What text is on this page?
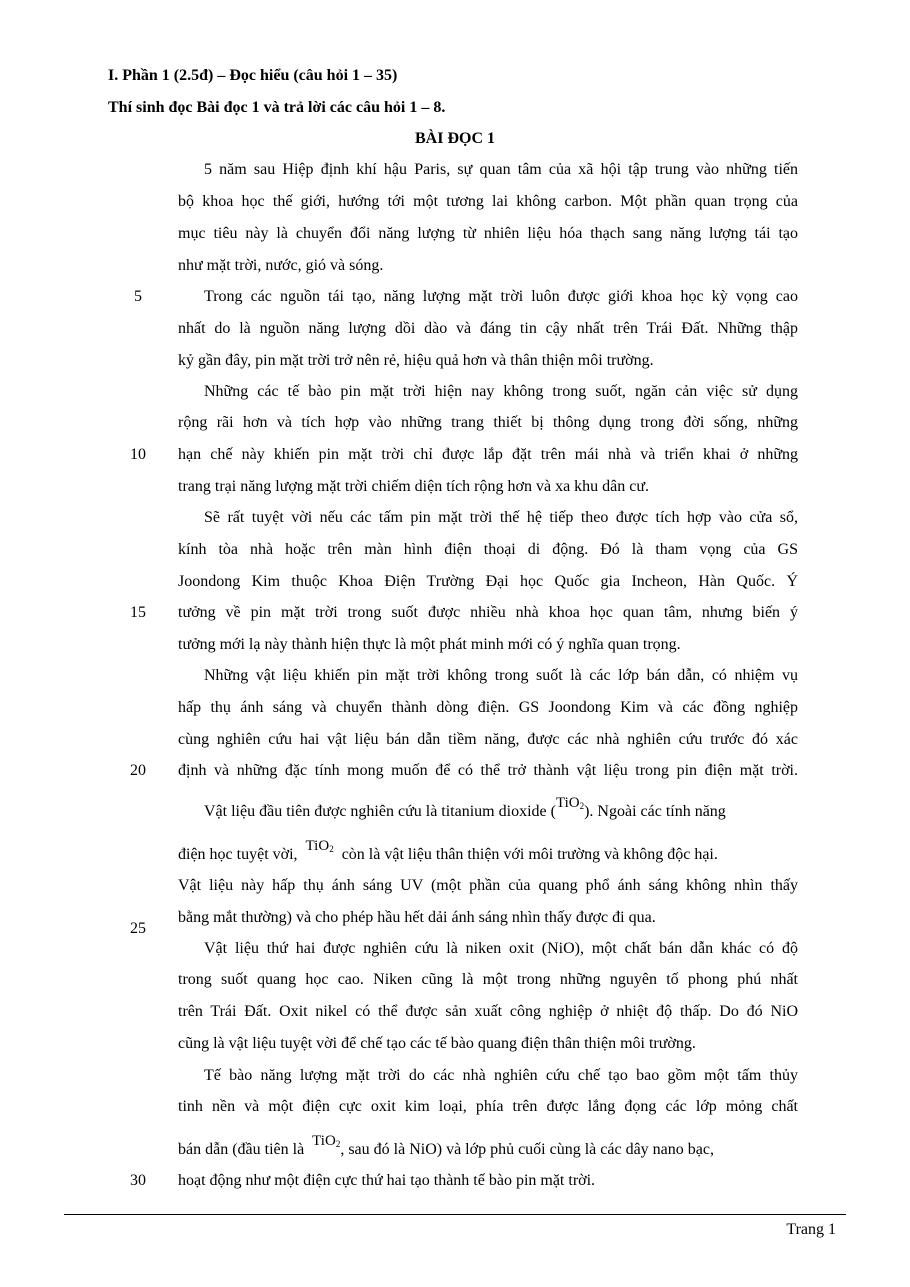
I. Phần 1 (2.5đ) – Đọc hiểu (câu hỏi 1 – 35)
Thí sinh đọc Bài đọc 1 và trả lời các câu hỏi 1 – 8.
BÀI ĐỌC 1
5 năm sau Hiệp định khí hậu Paris, sự quan tâm của xã hội tập trung vào những tiến
bộ khoa học thế giới, hướng tới một tương lai không carbon. Một phần quan trọng của
mục tiêu này là chuyển đổi năng lượng từ nhiên liệu hóa thạch sang năng lượng tái tạo
như mặt trời, nước, gió và sóng.
Trong các nguồn tái tạo, năng lượng mặt trời luôn được giới khoa học kỳ vọng cao
nhất do là nguồn năng lượng dồi dào và đáng tin cậy nhất trên Trái Đất. Những thập
kỷ gần đây, pin mặt trời trở nên rẻ, hiệu quả hơn và thân thiện môi trường.
Những các tế bào pin mặt trời hiện nay không trong suốt, ngăn cản việc sử dụng
rộng rãi hơn và tích hợp vào những trang thiết bị thông dụng trong đời sống, những
hạn chế này khiến pin mặt trời chỉ được lắp đặt trên mái nhà và triển khai ở những
trang trại năng lượng mặt trời chiếm diện tích rộng hơn và xa khu dân cư.
Sẽ rất tuyệt vời nếu các tấm pin mặt trời thế hệ tiếp theo được tích hợp vào cửa sổ,
kính tòa nhà hoặc trên màn hình điện thoại di động. Đó là tham vọng của GS
Joondong Kim thuộc Khoa Điện Trường Đại học Quốc gia Incheon, Hàn Quốc. Ý
tưởng về pin mặt trời trong suốt được nhiều nhà khoa học quan tâm, nhưng biến ý
tưởng mới lạ này thành hiện thực là một phát minh mới có ý nghĩa quan trọng.
Những vật liệu khiến pin mặt trời không trong suốt là các lớp bán dẫn, có nhiệm vụ
hấp thụ ánh sáng và chuyển thành dòng điện. GS Joondong Kim và các đồng nghiệp
cùng nghiên cứu hai vật liệu bán dẫn tiềm năng, được các nhà nghiên cứu trước đó xác
định và những đặc tính mong muốn để có thể trở thành vật liệu trong pin điện mặt trời.
Vật liệu đầu tiên được nghiên cứu là titanium dioxide (TiO$_2$). Ngoài các tính năng
điện học tuyệt vời, TiO$_2$ còn là vật liệu thân thiện với môi trường và không độc hại.
Vật liệu này hấp thụ ánh sáng UV (một phần của quang phổ ánh sáng không nhìn thấy
bằng mắt thường) và cho phép hầu hết dải ánh sáng nhìn thấy được đi qua.
Vật liệu thứ hai được nghiên cứu là niken oxit (NiO), một chất bán dẫn khác có độ
trong suốt quang học cao. Niken cũng là một trong những nguyên tố phong phú nhất
trên Trái Đất. Oxit nikel có thể được sản xuất công nghiệp ở nhiệt độ thấp. Do đó NiO
cũng là vật liệu tuyệt vời để chế tạo các tế bào quang điện thân thiện môi trường.
Tế bào năng lượng mặt trời do các nhà nghiên cứu chế tạo bao gồm một tấm thủy
tinh nền và một điện cực oxit kim loại, phía trên được lắng đọng các lớp mỏng chất
bán dẫn (đầu tiên là TiO$_2$, sau đó là NiO) và lớp phủ cuối cùng là các dây nano bạc,
hoạt động như một điện cực thứ hai tạo thành tế bào pin mặt trời.
5
10
15
20
25
30
Trang 1
